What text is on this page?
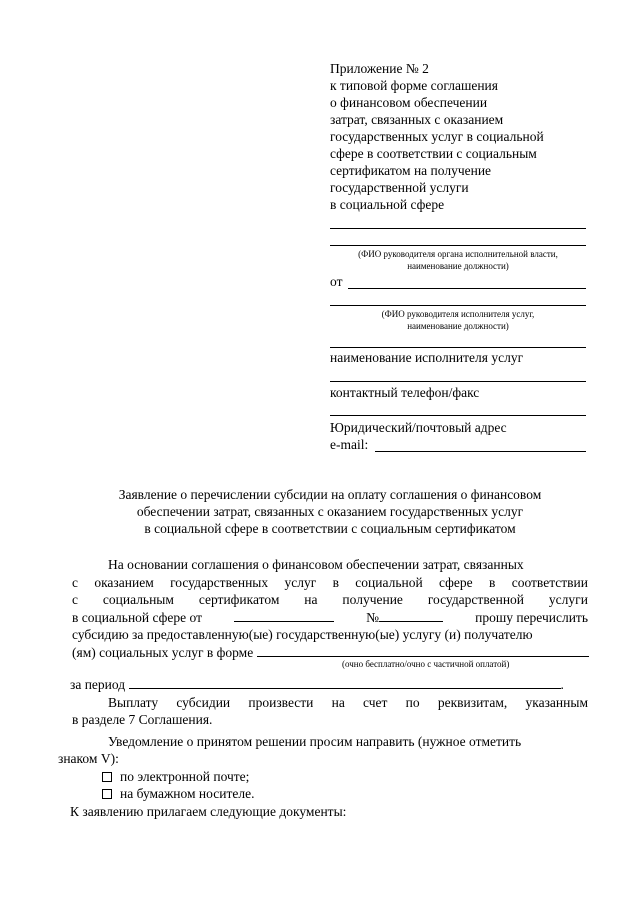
Приложение № 2
к типовой форме соглашения
о финансовом обеспечении
затрат, связанных с оказанием
государственных услуг в социальной
сфере в соответствии с социальным
сертификатом на получение
государственной услуги
в социальной сфере
(ФИО руководителя органа исполнительной власти,
наименование должности)
от
(ФИО руководителя исполнителя услуг,
наименование должности)
наименование исполнителя услуг
контактный телефон/факс
Юридический/почтовый адрес
e-mail:
Заявление о перечислении субсидии на оплату соглашения о финансовом
обеспечении затрат, связанных с оказанием государственных услуг
в социальной сфере в соответствии с социальным сертификатом
На основании соглашения о финансовом обеспечении затрат, связанных
с оказанием государственных услуг в социальной сфере в соответствии
с социальным сертификатом на получение государственной услуги
в социальной сфере от	№	прошу перечислить
субсидию за предоставленную(ые) государственную(ые) услугу (и) получателю
(ям) социальных услуг в форме
(очно бесплатно/очно с частичной оплатой)
за период	.
Выплату субсидии произвести на счет по реквизитам, указанным
в разделе 7 Соглашения.
Уведомление о принятом решении просим направить (нужное отметить
знаком V):
по электронной почте;
на бумажном носителе.
К заявлению прилагаем следующие документы:
